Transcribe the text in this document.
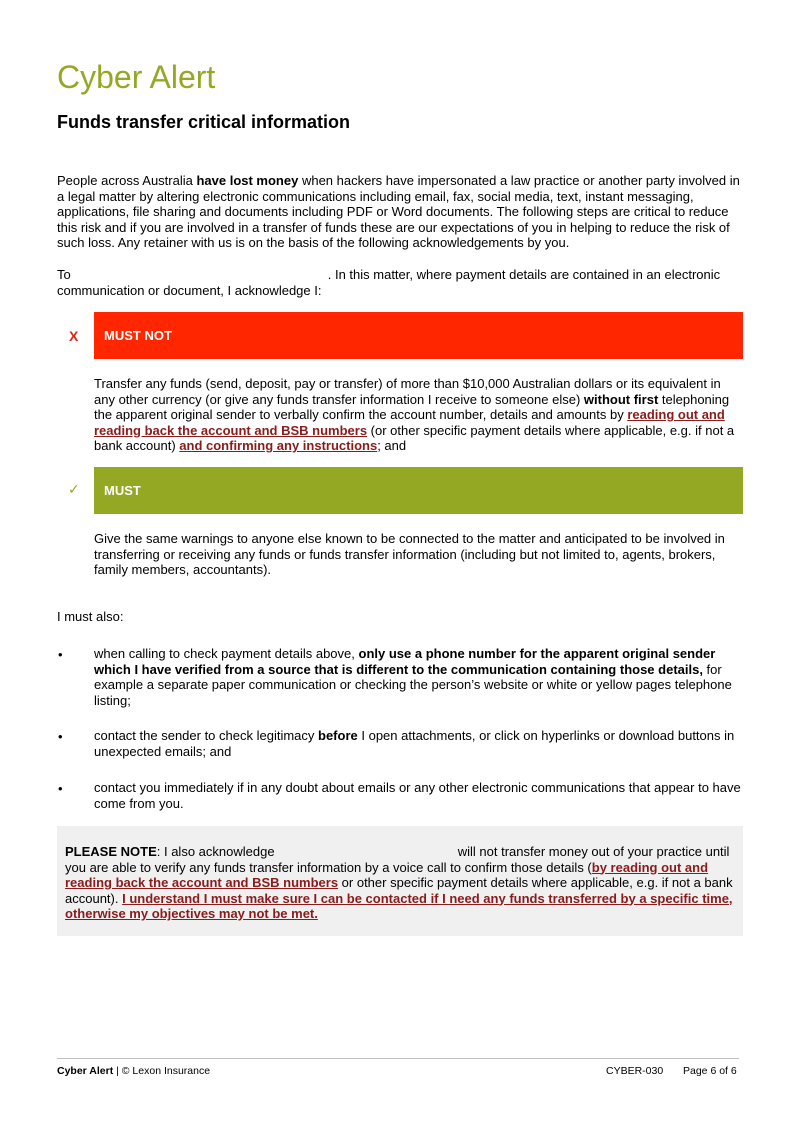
Cyber Alert
Funds transfer critical information
People across Australia have lost money when hackers have impersonated a law practice or another party involved in a legal matter by altering electronic communications including email, fax, social media, text, instant messaging, applications, file sharing and documents including PDF or Word documents. The following steps are critical to reduce this risk and if you are involved in a transfer of funds these are our expectations of you in helping to reduce the risk of such loss. Any retainer with us is on the basis of the following acknowledgements by you.
To	. In this matter, where payment details are contained in an electronic communication or document, I acknowledge I:
X MUST NOT
Transfer any funds (send, deposit, pay or transfer) of more than $10,000 Australian dollars or its equivalent in any other currency (or give any funds transfer information I receive to someone else) without first telephoning the apparent original sender to verbally confirm the account number, details and amounts by reading out and reading back the account and BSB numbers (or other specific payment details where applicable, e.g. if not a bank account) and confirming any instructions; and
✓ MUST
Give the same warnings to anyone else known to be connected to the matter and anticipated to be involved in transferring or receiving any funds or funds transfer information (including but not limited to, agents, brokers, family members, accountants).
I must also:
• when calling to check payment details above, only use a phone number for the apparent original sender which I have verified from a source that is different to the communication containing those details, for example a separate paper communication or checking the person’s website or white or yellow pages telephone listing;
• contact the sender to check legitimacy before I open attachments, or click on hyperlinks or download buttons in unexpected emails; and
• contact you immediately if in any doubt about emails or any other electronic communications that appear to have come from you.
PLEASE NOTE: I also acknowledge	will not transfer money out of your practice until you are able to verify any funds transfer information by a voice call to confirm those details (by reading out and reading back the account and BSB numbers or other specific payment details where applicable, e.g. if not a bank account). I understand I must make sure I can be contacted if I need any funds transferred by a specific time, otherwise my objectives may not be met.
Cyber Alert | © Lexon Insurance	CYBER-030 Page 6 of 6
